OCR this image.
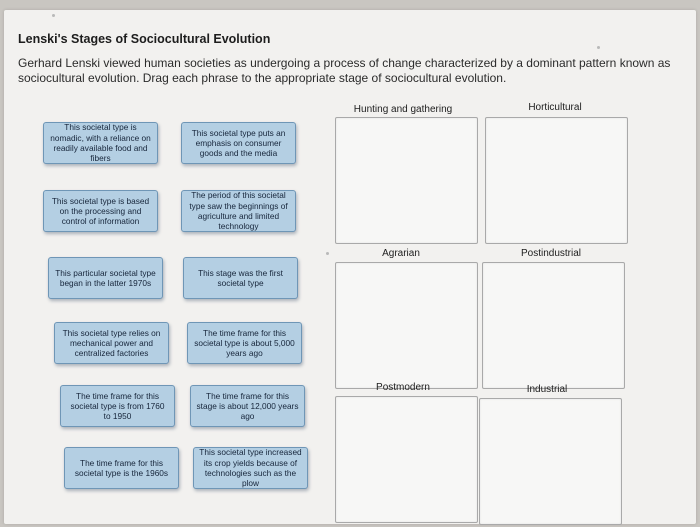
Lenski's Stages of Sociocultural Evolution
Gerhard Lenski viewed human societies as undergoing a process of change characterized by a dominant pattern known as sociocultural evolution. Drag each phrase to the appropriate stage of sociocultural evolution.
This societal type is nomadic, with a reliance on readily available food and fibers
This societal type puts an emphasis on consumer goods and the media
This societal type is based on the processing and control of information
The period of this societal type saw the beginnings of agriculture and limited technology
This particular societal type began in the latter 1970s
This stage was the first societal type
This societal type relies on mechanical power and centralized factories
The time frame for this societal type is about 5,000 years ago
The time frame for this societal type is from 1760 to 1950
The time frame for this stage is about 12,000 years ago
The time frame for this societal type is the 1960s
This societal type increased its crop yields because of technologies such as the plow
Hunting and gathering	Horticultural
Agrarian	Postindustrial
Postmodern	Industrial
